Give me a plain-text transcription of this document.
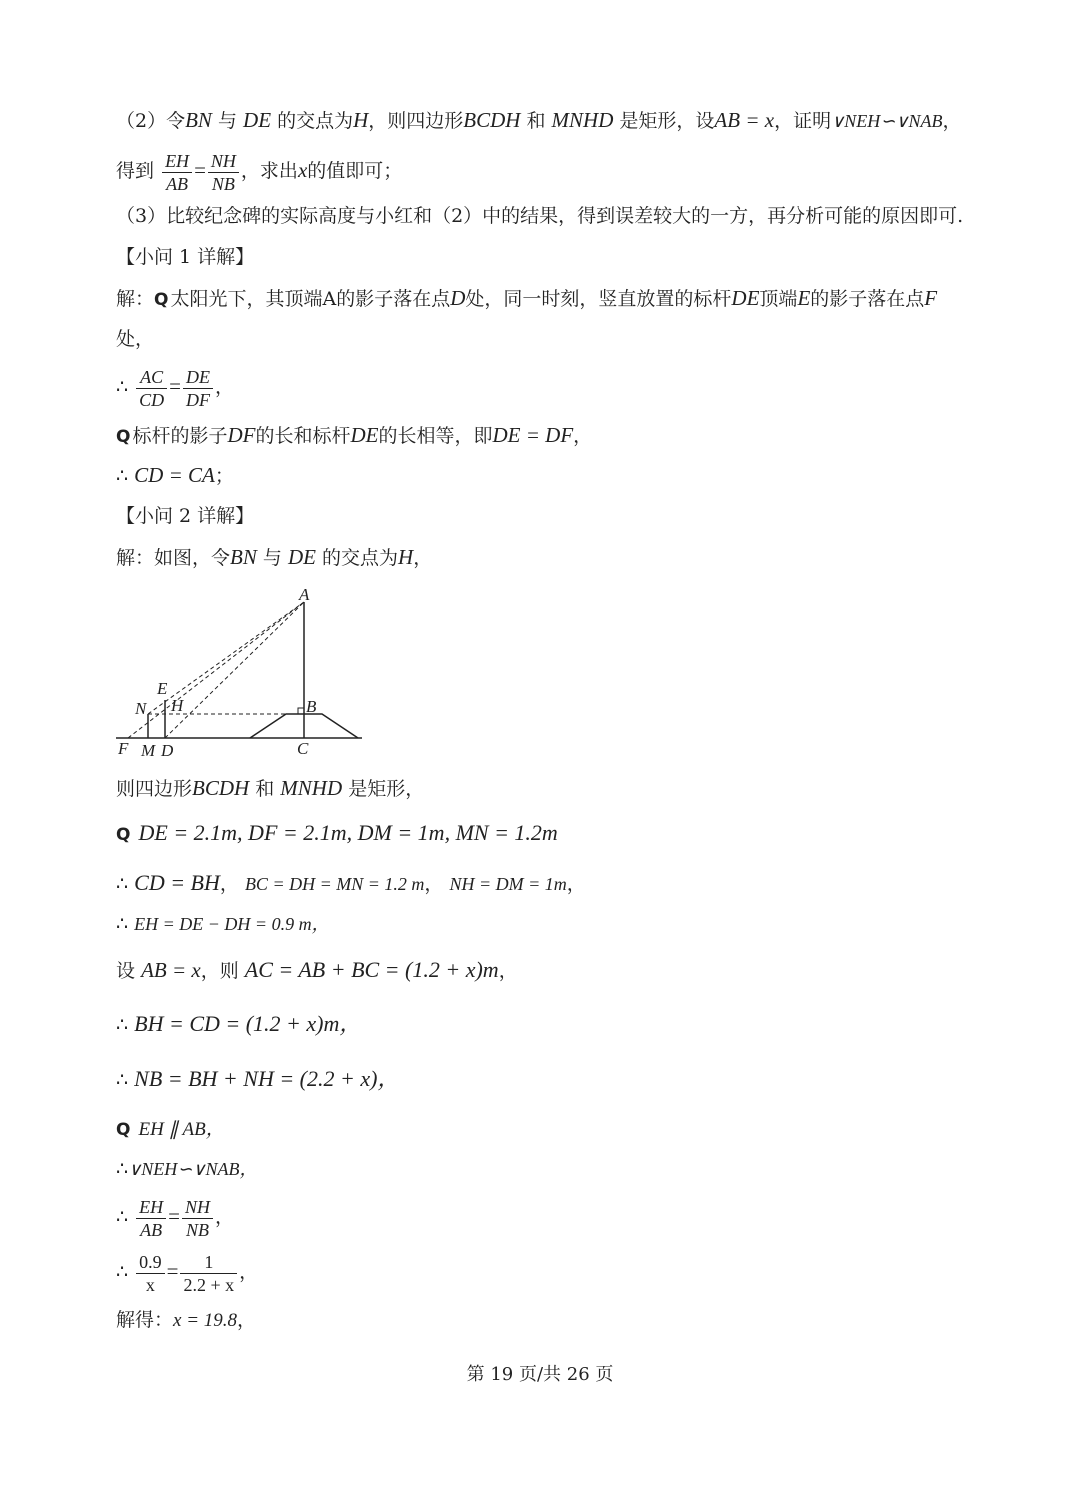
（2）令BN 与 DE 的交点为H，则四边形BCDH 和 MNHD 是矩形，设AB = x，证明∨NEH∽∨NAB，
得到 $\frac{EH}{AB} = \frac{NH}{NB}$ ，求出x的值即可；
（3）比较纪念碑的实际高度与小红和（2）中的结果，得到误差较大的一方，再分析可能的原因即可.
【小问 1 详解】
解：Q 太阳光下，其顶端A的影子落在点D处，同一时刻，竖直放置的标杆DE顶端E的影子落在点F
处，
∴ $\frac{AC}{CD} = \frac{DE}{DF}$ ，
Q 标杆的影子DF的长和标杆DE的长相等，即DE = DF，
∴ CD = CA；
【小问 2 详解】
解：如图，令BN 与 DE 的交点为H，
A
E
N H	B
F M D	C
则四边形BCDH 和 MNHD 是矩形，
Q DE = 2.1m, DF = 2.1m, DM = 1m, MN = 1.2m
∴ CD = BH， BC = DH = MN = 1.2 m， NH = DM = 1m，
∴ EH = DE − DH = 0.9 m，
设 AB = x，则 AC = AB + BC = (1.2 + x)m，
∴ BH = CD = (1.2 + x)m，
∴ NB = BH + NH = (2.2 + x)，
Q EH ∥ AB，
∴∨NEH∽∨NAB，
∴ $\frac{EH}{AB} = \frac{NH}{NB}$ ，
∴ $\frac{0.9}{x} = \frac{1}{2.2 + x}$ ，
解得：x = 19.8，
第 19 页/共 26 页
